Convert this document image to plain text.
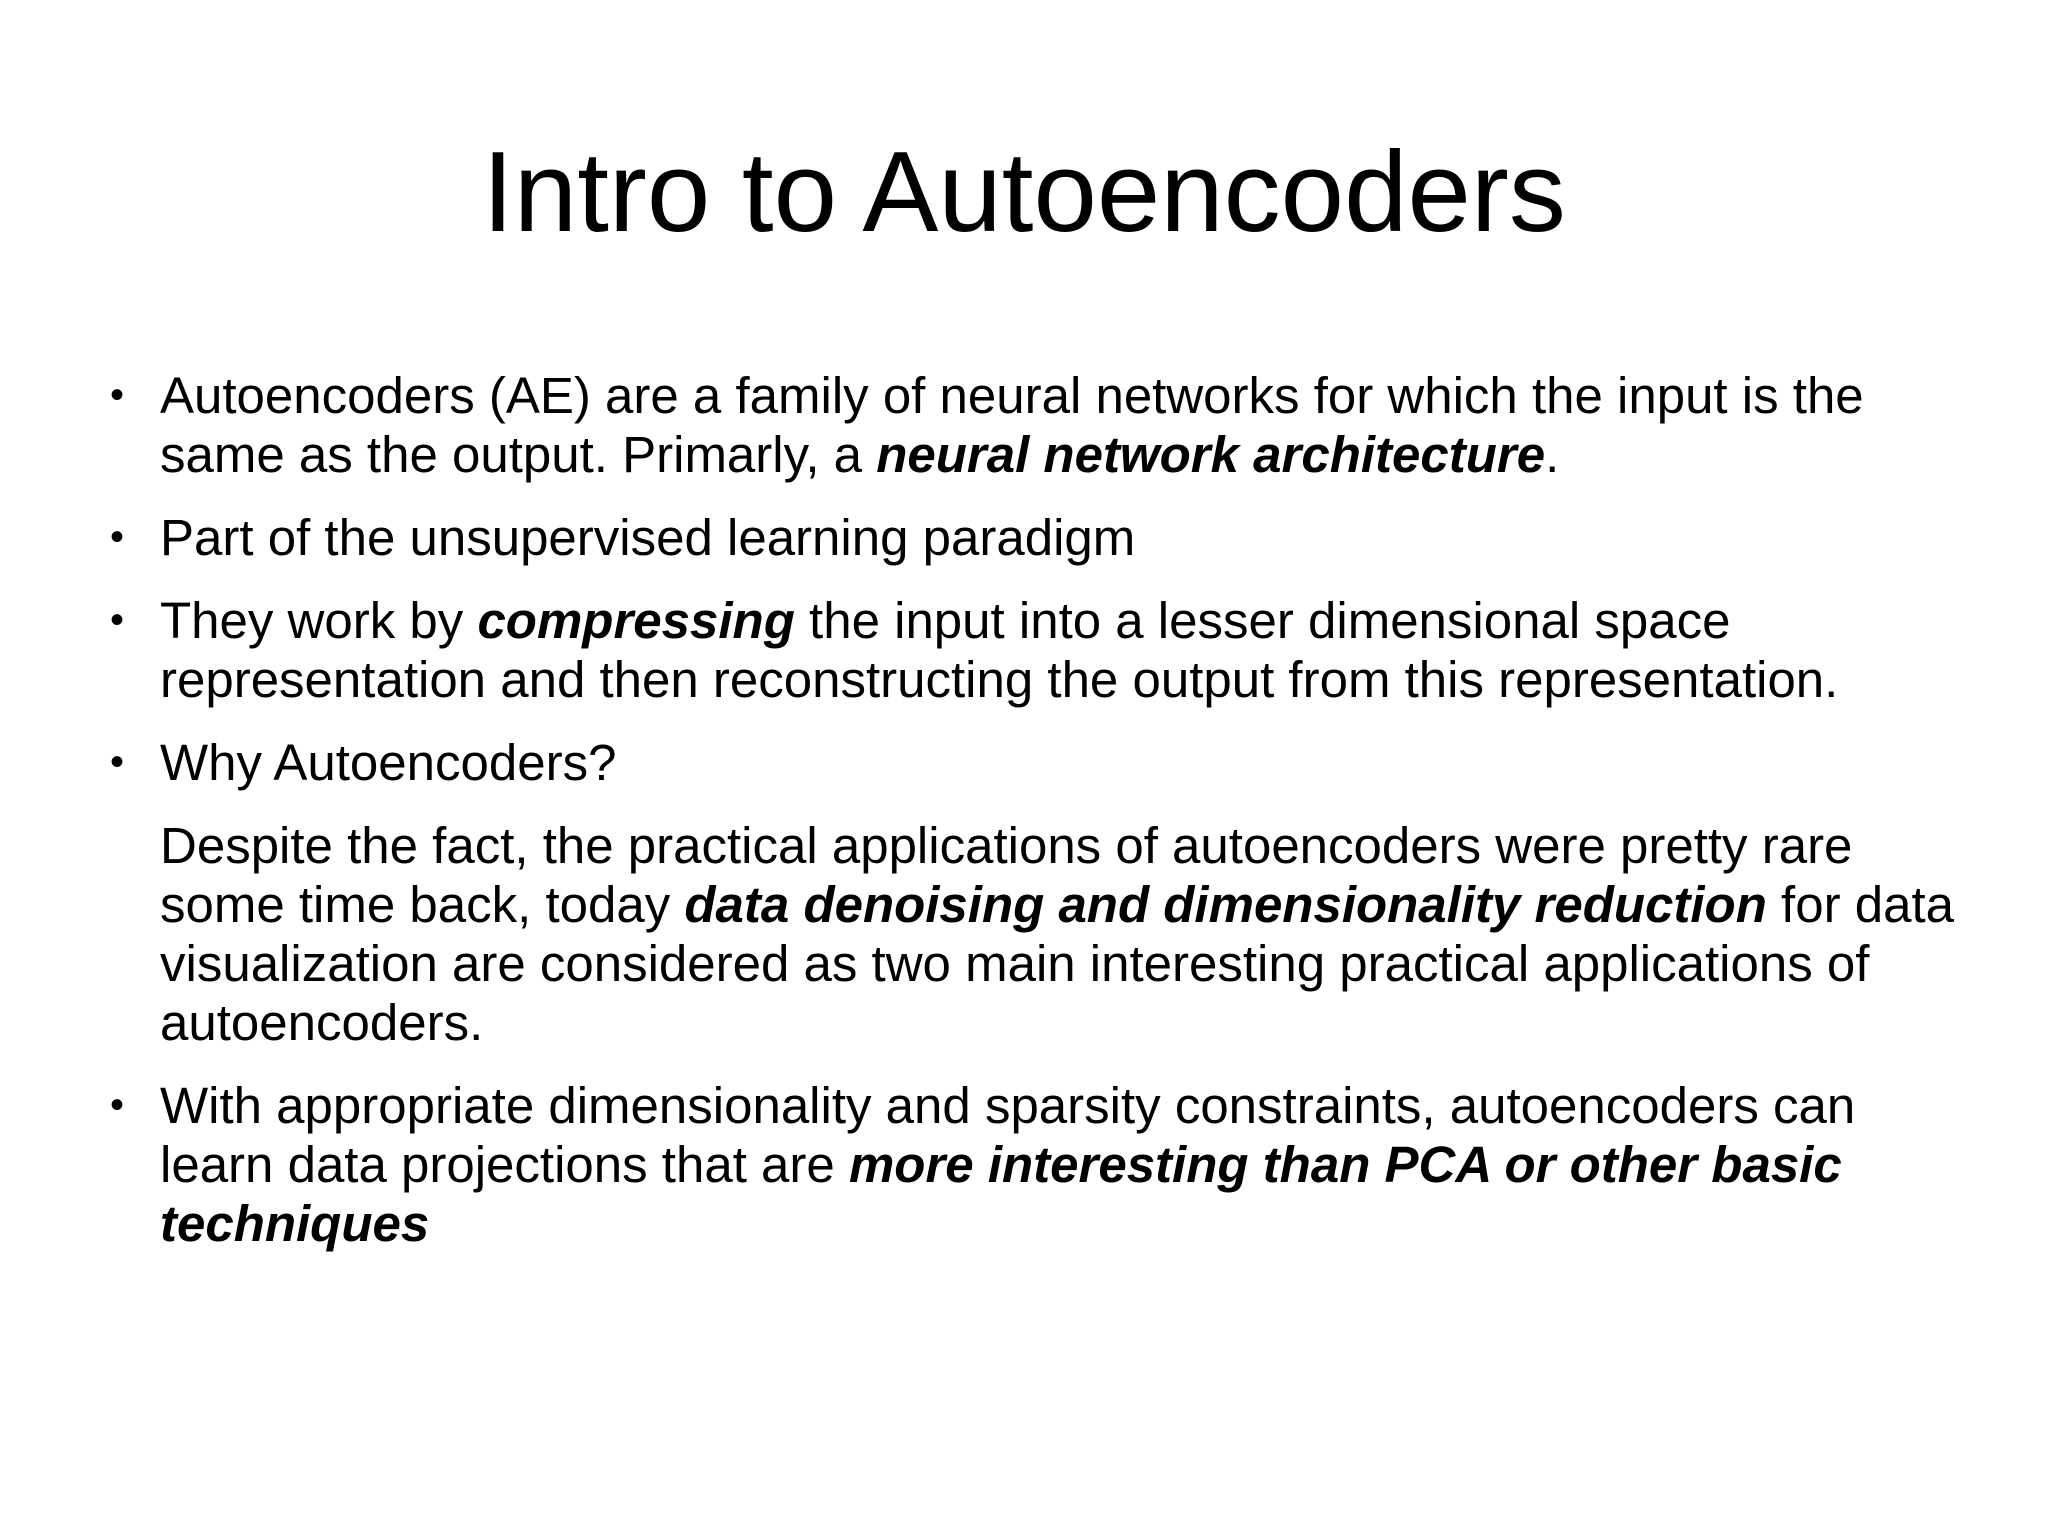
Intro to Autoencoders
• Autoencoders (AE) are a family of neural networks for which the input is the same as the output. Primarly, a neural network architecture.
• Part of the unsupervised learning paradigm
• They work by compressing the input into a lesser dimensional space representation and then reconstructing the output from this representation.
• Why Autoencoders?
Despite the fact, the practical applications of autoencoders were pretty rare some time back, today data denoising and dimensionality reduction for data visualization are considered as two main interesting practical applications of autoencoders.
• With appropriate dimensionality and sparsity constraints, autoencoders can learn data projections that are more interesting than PCA or other basic techniques
